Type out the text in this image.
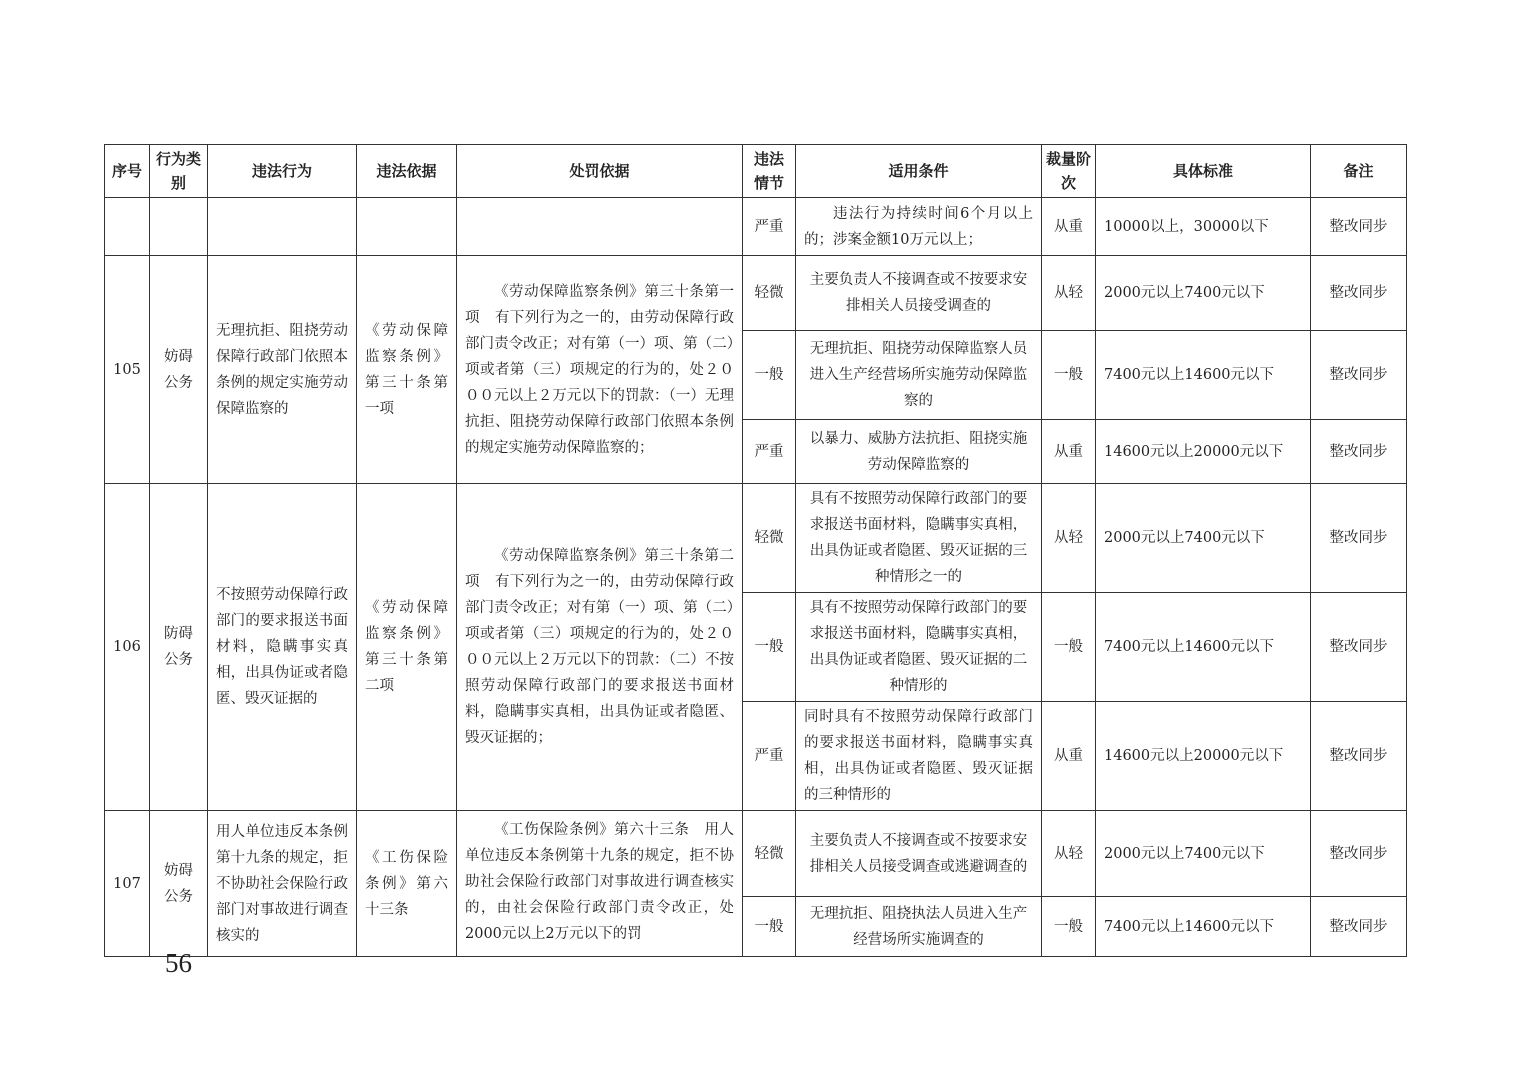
序号	行为类别	违法行为	违法依据	处罚依据	违法情节	适用条件	裁量阶次	具体标准	备注
					严重	违法行为持续时间6个月以上的；涉案金额10万元以上；	从重	10000以上，30000以下	整改同步
105	妨碍公务	无理抗拒、阻挠劳动保障行政部门依照本条例的规定实施劳动保障监察的	《劳动保障监察条例》第三十条第一项	《劳动保障监察条例》第三十条第一项　有下列行为之一的，由劳动保障行政部门责令改正；对有第（一）项、第（二）项或者第（三）项规定的行为的，处２０００元以上２万元以下的罚款：（一）无理抗拒、阻挠劳动保障行政部门依照本条例的规定实施劳动保障监察的；	轻微	主要负责人不接调查或不按要求安排相关人员接受调查的	从轻	2000元以上7400元以下	整改同步
					一般	无理抗拒、阻挠劳动保障监察人员进入生产经营场所实施劳动保障监察的	一般	7400元以上14600元以下	整改同步
					严重	以暴力、威胁方法抗拒、阻挠实施劳动保障监察的	从重	14600元以上20000元以下	整改同步
106	防碍公务	不按照劳动保障行政部门的要求报送书面材料，隐瞒事实真相，出具伪证或者隐匿、毁灭证据的	《劳动保障监察条例》第三十条第二项	《劳动保障监察条例》第三十条第二项　有下列行为之一的，由劳动保障行政部门责令改正；对有第（一）项、第（二）项或者第（三）项规定的行为的，处２０００元以上２万元以下的罚款：（二）不按照劳动保障行政部门的要求报送书面材料，隐瞒事实真相，出具伪证或者隐匿、毁灭证据的；	轻微	具有不按照劳动保障行政部门的要求报送书面材料，隐瞒事实真相，出具伪证或者隐匿、毁灭证据的三种情形之一的	从轻	2000元以上7400元以下	整改同步
					一般	具有不按照劳动保障行政部门的要求报送书面材料，隐瞒事实真相，出具伪证或者隐匿、毁灭证据的二种情形的	一般	7400元以上14600元以下	整改同步
					严重	同时具有不按照劳动保障行政部门的要求报送书面材料，隐瞒事实真相，出具伪证或者隐匿、毁灭证据的三种情形的	从重	14600元以上20000元以下	整改同步
107	妨碍公务	用人单位违反本条例第十九条的规定，拒不协助社会保险行政部门对事故进行调查核实的	《工伤保险条例》第六十三条	《工伤保险条例》第六十三条　用人单位违反本条例第十九条的规定，拒不协助社会保险行政部门对事故进行调查核实的，由社会保险行政部门责令改正，处2000元以上2万元以下的罚	轻微	主要负责人不接调查或不按要求安排相关人员接受调查或逃避调查的	从轻	2000元以上7400元以下	整改同步
					一般	无理抗拒、阻挠执法人员进入生产经营场所实施调查的	一般	7400元以上14600元以下	整改同步
56
